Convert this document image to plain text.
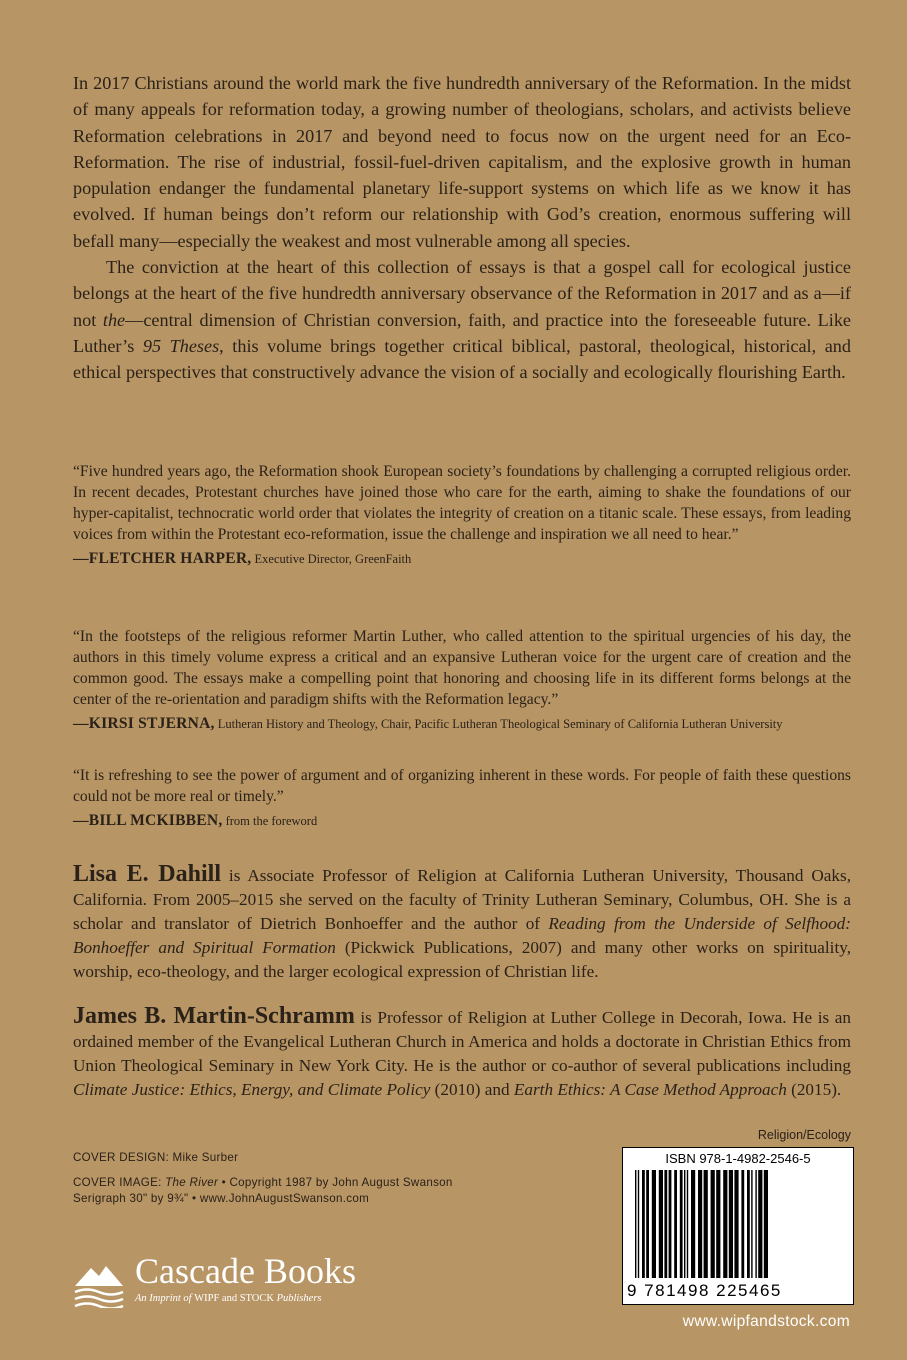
In 2017 Christians around the world mark the five hundredth anniversary of the Reformation. In the midst of many appeals for reformation today, a growing number of theologians, scholars, and activists believe Reformation celebrations in 2017 and beyond need to focus now on the urgent need for an Eco-Reformation. The rise of industrial, fossil-fuel-driven capitalism, and the explosive growth in human population endanger the fundamental planetary life-support systems on which life as we know it has evolved. If human beings don’t reform our relationship with God’s creation, enormous suffering will befall many—especially the weakest and most vulnerable among all species.

The conviction at the heart of this collection of essays is that a gospel call for ecological justice belongs at the heart of the five hundredth anniversary observance of the Reformation in 2017 and as a—if not the—central dimension of Christian conversion, faith, and practice into the foreseeable future. Like Luther’s 95 Theses, this volume brings together critical biblical, pastoral, theological, historical, and ethical perspectives that constructively advance the vision of a socially and ecologically flourishing Earth.

“Five hundred years ago, the Reformation shook European society’s foundations by challenging a corrupted religious order. In recent decades, Protestant churches have joined those who care for the earth, aiming to shake the foundations of our hyper-capitalist, technocratic world order that violates the integrity of creation on a titanic scale. These essays, from leading voices from within the Protestant eco-reformation, issue the challenge and inspiration we all need to hear.”

—FLETCHER HARPER, Executive Director, GreenFaith

“In the footsteps of the religious reformer Martin Luther, who called attention to the spiritual urgencies of his day, the authors in this timely volume express a critical and an expansive Lutheran voice for the urgent care of creation and the common good. The essays make a compelling point that honoring and choosing life in its different forms belongs at the center of the re-orientation and paradigm shifts with the Reformation legacy.”

—KIRSI STJERNA, Lutheran History and Theology, Chair, Pacific Lutheran Theological Seminary of California Lutheran University

“It is refreshing to see the power of argument and of organizing inherent in these words. For people of faith these questions could not be more real or timely.”

—BILL MCKIBBEN, from the foreword

Lisa E. Dahill is Associate Professor of Religion at California Lutheran University, Thousand Oaks, California. From 2005–2015 she served on the faculty of Trinity Lutheran Seminary, Columbus, OH. She is a scholar and translator of Dietrich Bonhoeffer and the author of Reading from the Underside of Selfhood: Bonhoeffer and Spiritual Formation (Pickwick Publications, 2007) and many other works on spirituality, worship, eco-theology, and the larger ecological expression of Christian life.

James B. Martin-Schramm is Professor of Religion at Luther College in Decorah, Iowa. He is an ordained member of the Evangelical Lutheran Church in America and holds a doctorate in Christian Ethics from Union Theological Seminary in New York City. He is the author or co-author of several publications including Climate Justice: Ethics, Energy, and Climate Policy (2010) and Earth Ethics: A Case Method Approach (2015).

Religion/Ecology

COVER DESIGN: Mike Surber

COVER IMAGE: The River • Copyright 1987 by John August Swanson

Serigraph 30" by 9¾" • www.JohnAugustSwanson.com

ISBN 978-1-4982-2546-5
9 781498 225465
Cascade Books
An Imprint of WIPF and STOCK Publishers
www.wipfandstock.com
